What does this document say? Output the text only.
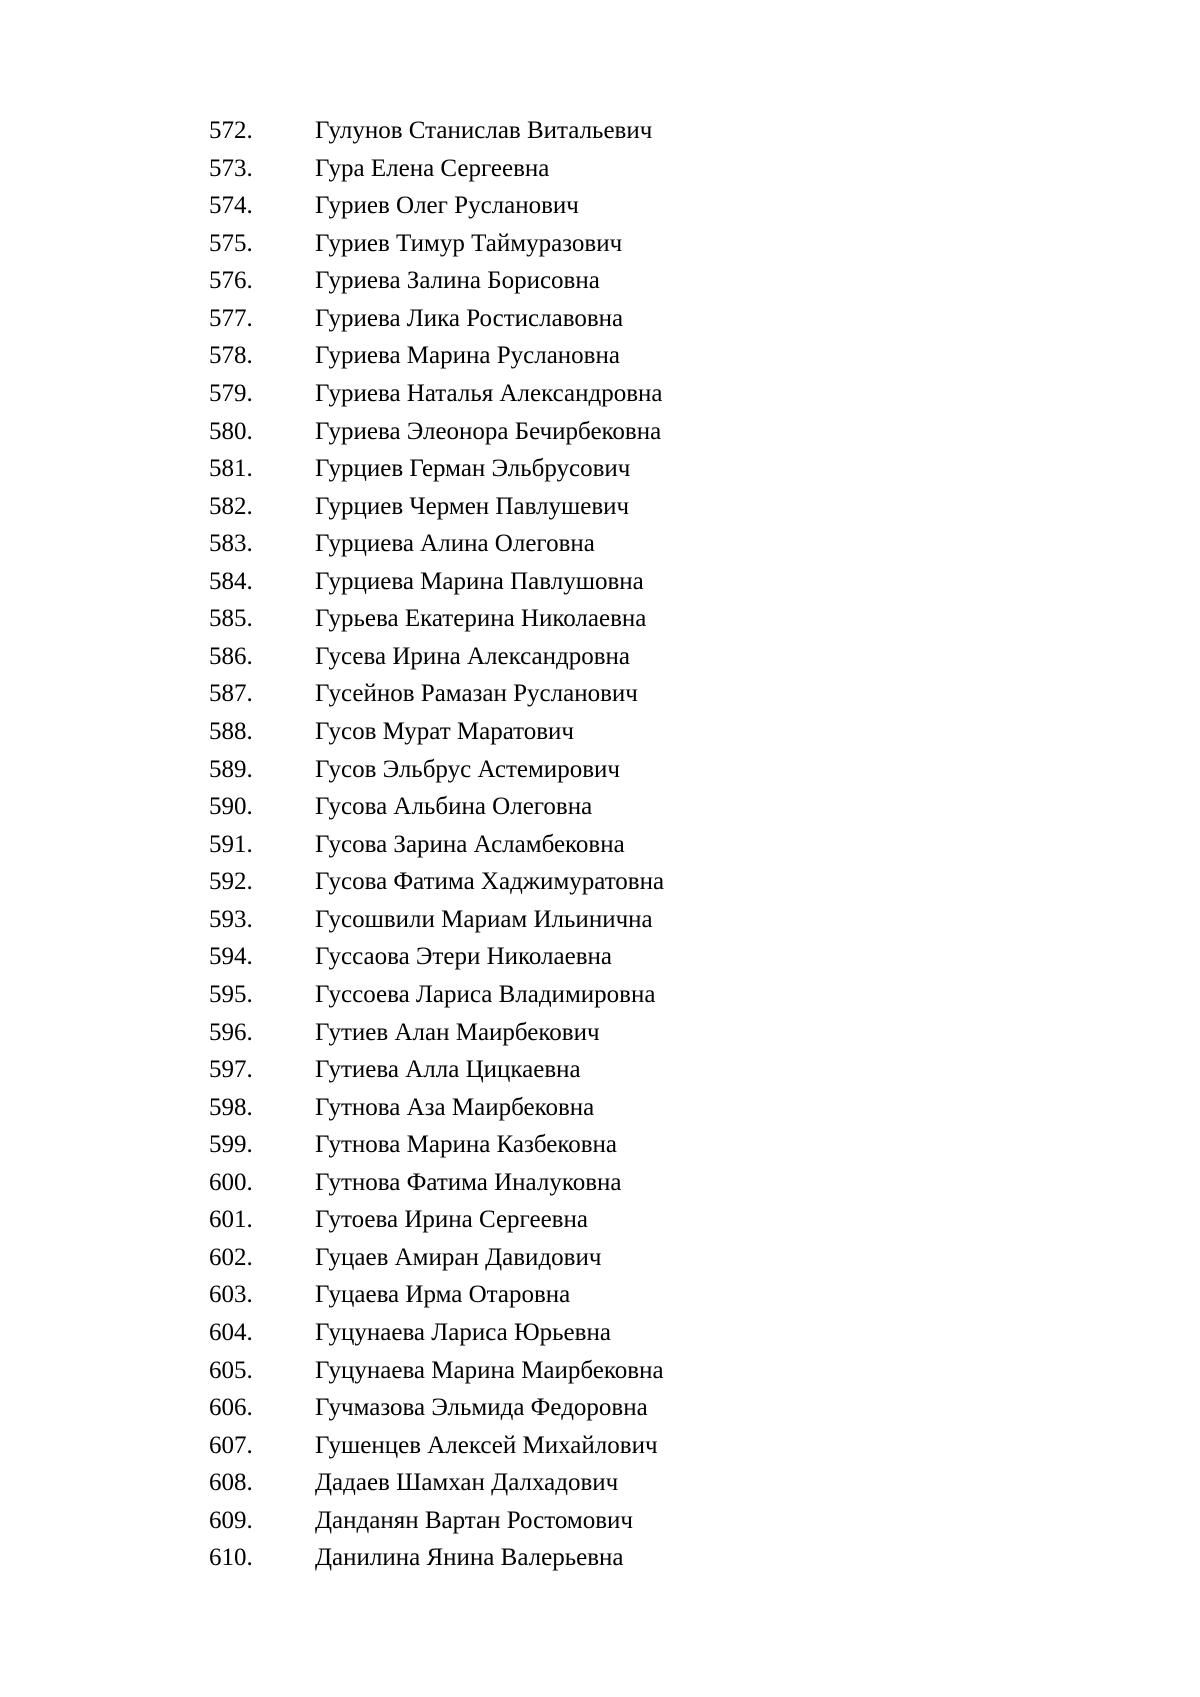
572.	Гулунов Станислав Витальевич
573.	Гура Елена Сергеевна
574.	Гуриев Олег Русланович
575.	Гуриев Тимур Таймуразович
576.	Гуриева Залина Борисовна
577.	Гуриева Лика Ростиславовна
578.	Гуриева Марина Руслановна
579.	Гуриева Наталья Александровна
580.	Гуриева Элеонора Бечирбековна
581.	Гурциев Герман Эльбрусович
582.	Гурциев Чермен Павлушевич
583.	Гурциева Алина Олеговна
584.	Гурциева Марина Павлушовна
585.	Гурьева Екатерина Николаевна
586.	Гусева Ирина Александровна
587.	Гусейнов Рамазан Русланович
588.	Гусов Мурат Маратович
589.	Гусов Эльбрус Астемирович
590.	Гусова Альбина Олеговна
591.	Гусова Зарина Асламбековна
592.	Гусова Фатима Хаджимуратовна
593.	Гусошвили Мариам Ильинична
594.	Гуссаова Этери Николаевна
595.	Гуссоева Лариса Владимировна
596.	Гутиев Алан Маирбекович
597.	Гутиева Алла Цицкаевна
598.	Гутнова Аза Маирбековна
599.	Гутнова Марина Казбековна
600.	Гутнова Фатима Иналуковна
601.	Гутоева Ирина Сергеевна
602.	Гуцаев Амиран Давидович
603.	Гуцаева Ирма Отаровна
604.	Гуцунаева Лариса Юрьевна
605.	Гуцунаева Марина Маирбековна
606.	Гучмазова Эльмида Федоровна
607.	Гушенцев Алексей Михайлович
608.	Дадаев Шамхан Далхадович
609.	Данданян Вартан Ростомович
610.	Данилина Янина Валерьевна
